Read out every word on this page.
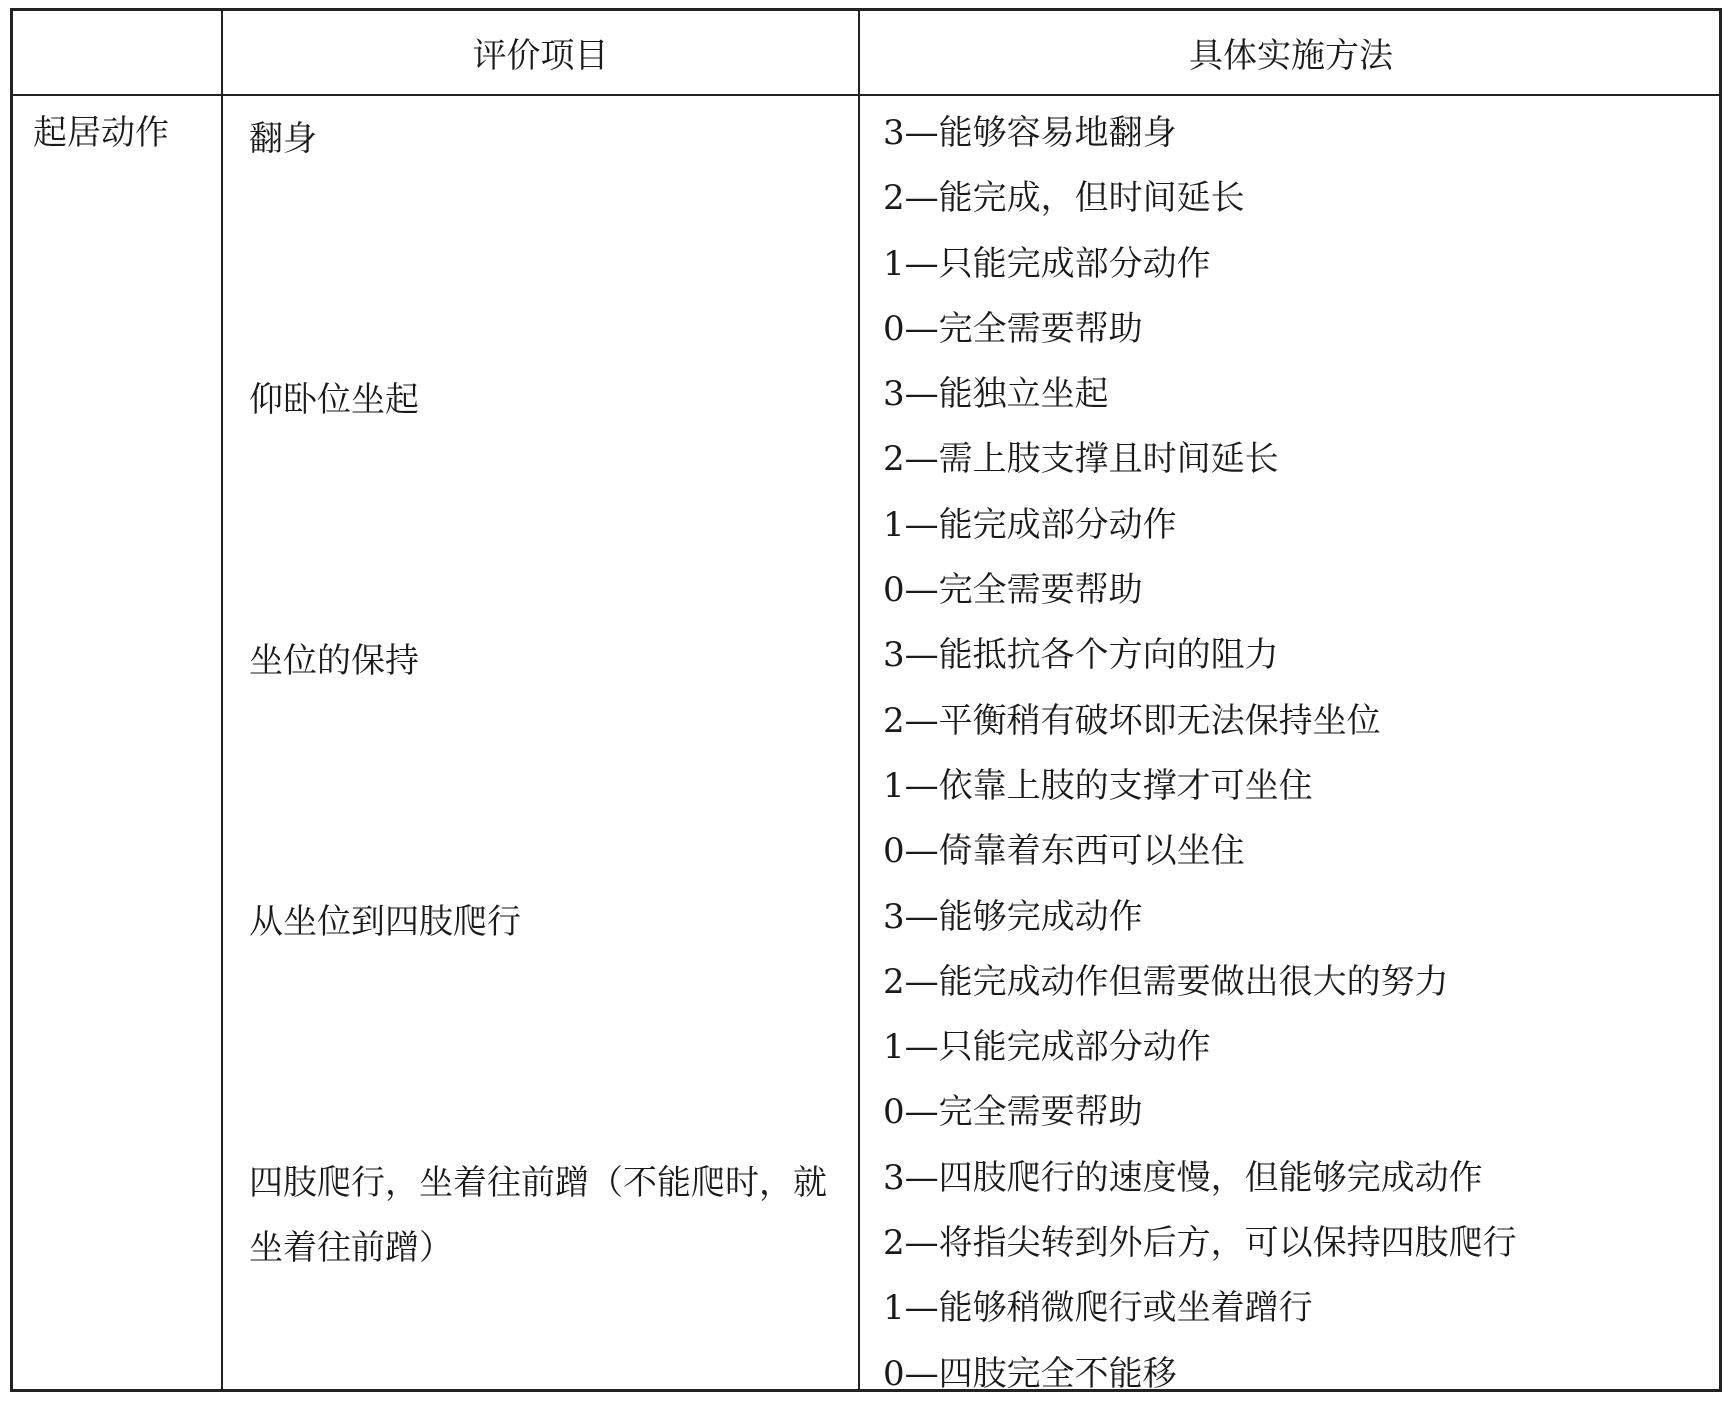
评价项目	具体实施方法
起居动作 翻身
仰卧位坐起
坐位的保持
从坐位到四肢爬行
四肢爬行，坐着往前蹭（不能爬时，就坐着往前蹭）
3—能够容易地翻身
2—能完成，但时间延长
1—只能完成部分动作
0—完全需要帮助
3—能独立坐起
2—需上肢支撑且时间延长
1—能完成部分动作
0—完全需要帮助
3—能抵抗各个方向的阻力
2—平衡稍有破坏即无法保持坐位
1—依靠上肢的支撑才可坐住
0—倚靠着东西可以坐住
3—能够完成动作
2—能完成动作但需要做出很大的努力
1—只能完成部分动作
0—完全需要帮助
3—四肢爬行的速度慢，但能够完成动作
2—将指尖转到外后方，可以保持四肢爬行
1—能够稍微爬行或坐着蹭行
0—四肢完全不能移
